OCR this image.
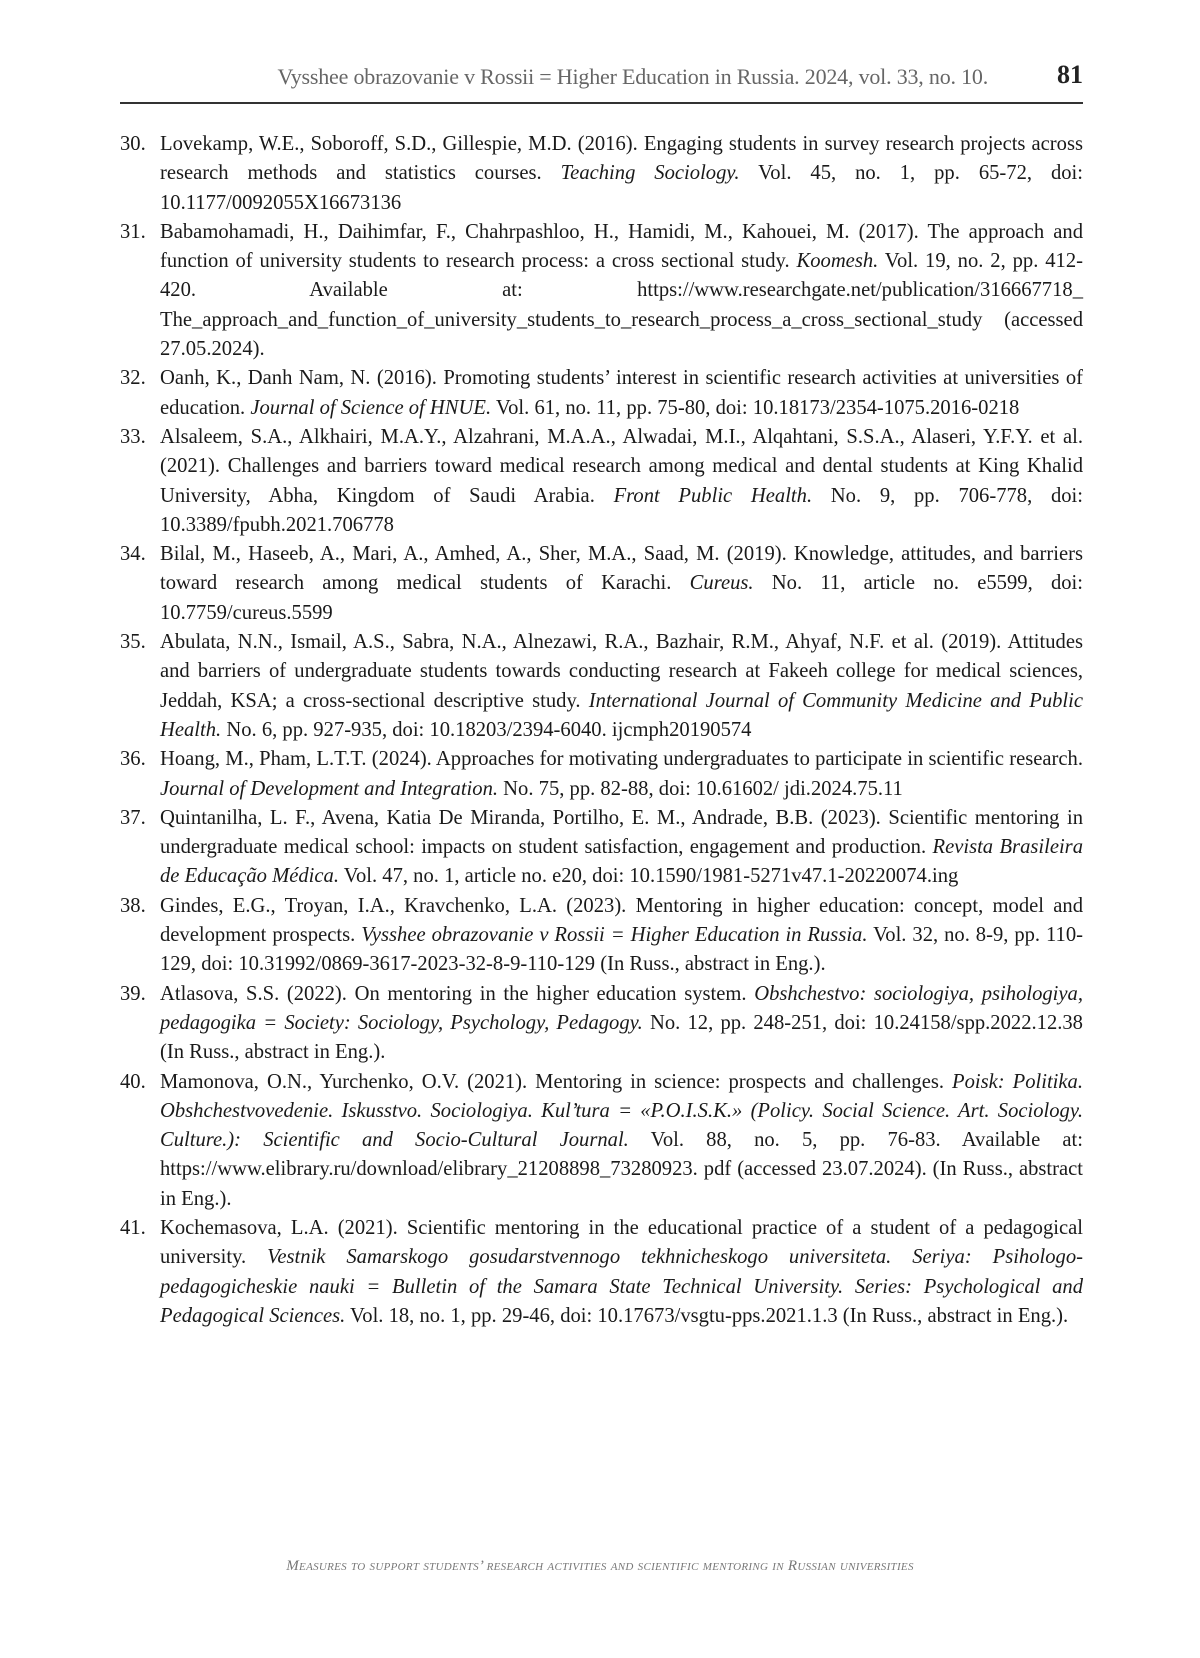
Vysshee obrazovanie v Rossii = Higher Education in Russia. 2024, vol. 33, no. 10.	81
30. Lovekamp, W.E., Soboroff, S.D., Gillespie, M.D. (2016). Engaging students in survey research projects across research methods and statistics courses. Teaching Sociology. Vol. 45, no. 1, pp. 65-72, doi: 10.1177/0092055X16673136
31. Babamohamadi, H., Daihimfar, F., Chahrpashloo, H., Hamidi, M., Kahouei, M. (2017). The approach and function of university students to research process: a cross sectional study. Koomesh. Vol. 19, no. 2, pp. 412-420. Available at: https://www.researchgate.net/publication/316667718_ The_approach_and_function_of_university_students_to_research_process_a_cross_sectional_study (accessed 27.05.2024).
32. Oanh, K., Danh Nam, N. (2016). Promoting students’ interest in scientific research activities at universities of education. Journal of Science of HNUE. Vol. 61, no. 11, pp. 75-80, doi: 10.18173/2354-1075.2016-0218
33. Alsaleem, S.A., Alkhairi, M.A.Y., Alzahrani, M.A.A., Alwadai, M.I., Alqahtani, S.S.A., Alaseri, Y.F.Y. et al. (2021). Challenges and barriers toward medical research among medical and dental students at King Khalid University, Abha, Kingdom of Saudi Arabia. Front Public Health. No. 9, pp. 706-778, doi: 10.3389/fpubh.2021.706778
34. Bilal, M., Haseeb, A., Mari, A., Amhed, A., Sher, M.A., Saad, M. (2019). Knowledge, attitudes, and barriers toward research among medical students of Karachi. Cureus. No. 11, article no. e5599, doi: 10.7759/cureus.5599
35. Abulata, N.N., Ismail, A.S., Sabra, N.A., Alnezawi, R.A., Bazhair, R.M., Ahyaf, N.F. et al. (2019). Attitudes and barriers of undergraduate students towards conducting research at Fakeeh college for medical sciences, Jeddah, KSA; a cross-sectional descriptive study. International Journal of Community Medicine and Public Health. No. 6, pp. 927-935, doi: 10.18203/2394-6040. ijcmph20190574
36. Hoang, M., Pham, L.T.T. (2024). Approaches for motivating undergraduates to participate in scientific research. Journal of Development and Integration. No. 75, pp. 82-88, doi: 10.61602/ jdi.2024.75.11
37. Quintanilha, L. F., Avena, Katia De Miranda, Portilho, E. M., Andrade, B.B. (2023). Scientific mentoring in undergraduate medical school: impacts on student satisfaction, engagement and production. Revista Brasileira de Educação Médica. Vol. 47, no. 1, article no. e20, doi: 10.1590/1981-5271v47.1-20220074.ing
38. Gindes, E.G., Troyan, I.A., Kravchenko, L.A. (2023). Mentoring in higher education: concept, model and development prospects. Vysshee obrazovanie v Rossii = Higher Education in Russia. Vol. 32, no. 8-9, pp. 110-129, doi: 10.31992/0869-3617-2023-32-8-9-110-129 (In Russ., abstract in Eng.).
39. Atlasova, S.S. (2022). On mentoring in the higher education system. Obshchestvo: sociologiya, psihologiya, pedagogika = Society: Sociology, Psychology, Pedagogy. No. 12, pp. 248-251, doi: 10.24158/spp.2022.12.38 (In Russ., abstract in Eng.).
40. Mamonova, O.N., Yurchenko, O.V. (2021). Mentoring in science: prospects and challenges. Poisk: Politika. Obshchestvovedenie. Iskusstvo. Sociologiya. Kul’tura = «P.O.I.S.K.» (Policy. Social Science. Art. Sociology. Culture.): Scientific and Socio-Cultural Journal. Vol. 88, no. 5, pp. 76-83. Available at: https://www.elibrary.ru/download/elibrary_21208898_73280923. pdf (accessed 23.07.2024). (In Russ., abstract in Eng.).
41. Kochemasova, L.A. (2021). Scientific mentoring in the educational practice of a student of a pedagogical university. Vestnik Samarskogo gosudarstvennogo tekhnicheskogo universiteta. Seriya: Psihologo-pedagogicheskie nauki = Bulletin of the Samara State Technical University. Series: Psychological and Pedagogical Sciences. Vol. 18, no. 1, pp. 29-46, doi: 10.17673/vsgtu-pps.2021.1.3 (In Russ., abstract in Eng.).
Measures to support students’ research activities and scientific mentoring in Russian universities
